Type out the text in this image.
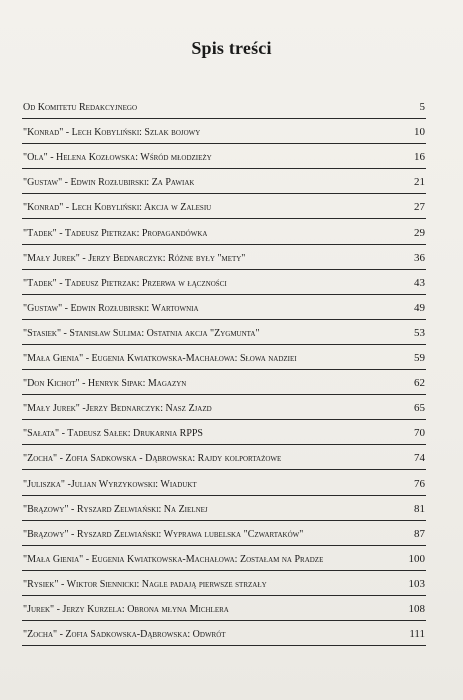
Spis treści
Od Komitetu Redakcyjnego	5
"Konrad" - Lech Kobyliński: Szlak bojowy	10
"Ola" - Helena Kozłowska: Wśród młodzieży	16
"Gustaw" - Edwin Rozłubirski: Za Pawiak	21
"Konrad" - Lech Kobyliński: Akcja w Zalesiu	27
"Tadek" - Tadeusz Pietrzak: Propagandówka	29
"Mały Jurek" - Jerzy Bednarczyk: Różne były "mety"	36
"Tadek" - Tadeusz Pietrzak: Przerwa w łączności	43
"Gustaw" - Edwin Rozłubirski: Wartownia	49
"Stasiek" - Stanisław Sulima: Ostatnia akcja "Zygmunta"	53
"Mała Gienia" - Eugenia Kwiatkowska-Machałowa: Słowa nadziei	59
"Don Kichot" - Henryk Sipak: Magazyn	62
"Mały Jurek" -Jerzy Bednarczyk: Nasz Zjazd	65
"Sałata" - Tadeusz Sałek: Drukarnia RPPS	70
"Zocha" - Zofia Sadkowska - Dąbrowska: Rajdy kolportażowe	74
"Juliszka" -Julian Wyrzykowski: Wiadukt	76
"Brązowy" - Ryszard Zelwiański: Na Zielnej	81
"Brązowy" - Ryszard Zelwiański: Wyprawa lubelska "Czwartaków"	87
"Mała Gienia" - Eugenia Kwiatkowska-Machałowa: Zostałam na Pradze	100
"Rysiek" - Wiktor Siennicki: Nagle padają pierwsze strzały	103
"Jurek" - Jerzy Kurzela: Obrona młyna Michlera	108
"Zocha" - Zofia Sadkowska-Dąbrowska: Odwrót	111
